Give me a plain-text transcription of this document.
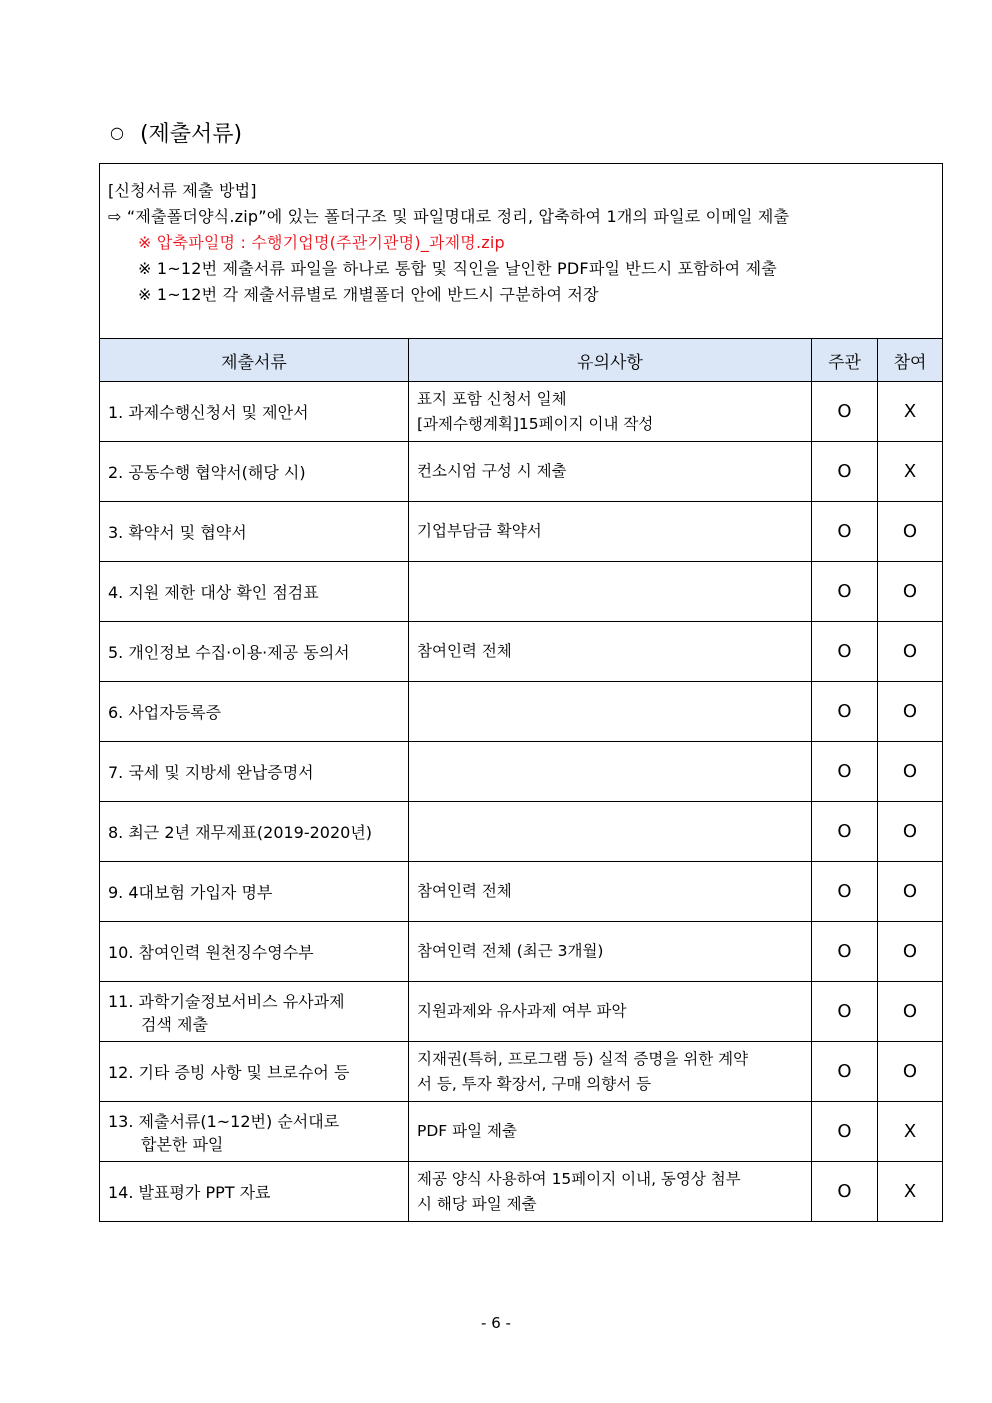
○ (제출서류)
[신청서류 제출 방법]
⇨ “제출폴더양식.zip”에 있는 폴더구조 및 파일명대로 정리, 압축하여 1개의 파일로 이메일 제출
※ 압축파일명 : 수행기업명(주관기관명)_과제명.zip
※ 1~12번 제출서류 파일을 하나로 통합 및 직인을 날인한 PDF파일 반드시 포함하여 제출
※ 1~12번 각 제출서류별로 개별폴더 안에 반드시 구분하여 저장			

제출서류	유의사항	주관	참여

1. 과제수행신청서 및 제안서	표지 포함 신청서 일체
[과제수행계획]15페이지 이내 작성	O	X

2. 공동수행 협약서(해당 시)	컨소시엄 구성 시 제출	O	X

3. 확약서 및 협약서	기업부담금 확약서	O	O

4. 지원 제한 대상 확인 점검표		O	O

5. 개인정보 수집·이용·제공 동의서	참여인력 전체	O	O

6. 사업자등록증		O	O

7. 국세 및 지방세 완납증명서		O	O

8. 최근 2년 재무제표(2019-2020년)		O	O

9. 4대보험 가입자 명부	참여인력 전체	O	O

10. 참여인력 원천징수영수부	참여인력 전체 (최근 3개월)	O	O

11. 과학기술정보서비스 유사과제
검색 제출	지원과제와 유사과제 여부 파악	O	O

12. 기타 증빙 사항 및 브로슈어 등	지재권(특허, 프로그램 등) 실적 증명을 위한 계약
서 등, 투자 확장서, 구매 의향서 등	O	O

13. 제출서류(1~12번) 순서대로
합본한 파일	PDF 파일 제출	O	X

14. 발표평가 PPT 자료	제공 양식 사용하여 15페이지 이내, 동영상 첨부
시 해당 파일 제출	O	X
- 6 -
